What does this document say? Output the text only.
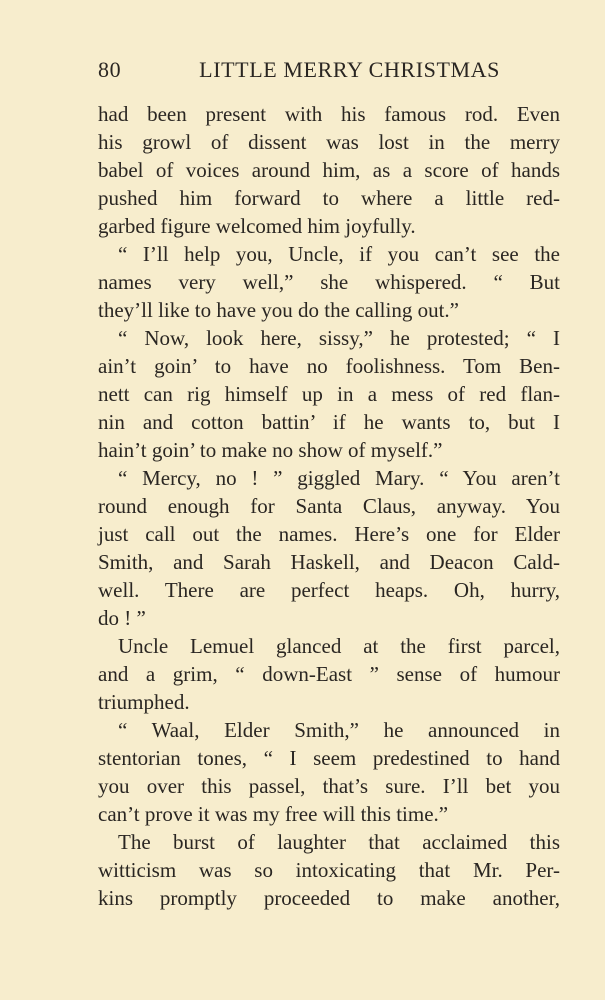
80	LITTLE MERRY CHRISTMAS
had been present with his famous rod. Even
his growl of dissent was lost in the merry
babel of voices around him, as a score of hands
pushed him forward to where a little red-
garbed figure welcomed him joyfully.
“ I’ll help you, Uncle, if you can’t see the
names very well,” she whispered. “ But
they’ll like to have you do the calling out.”
“ Now, look here, sissy,” he protested; “ I
ain’t goin’ to have no foolishness. Tom Ben-
nett can rig himself up in a mess of red flan-
nin and cotton battin’ if he wants to, but I
hain’t goin’ to make no show of myself.”
“ Mercy, no ! ” giggled Mary. “ You aren’t
round enough for Santa Claus, anyway. You
just call out the names. Here’s one for Elder
Smith, and Sarah Haskell, and Deacon Cald-
well. There are perfect heaps. Oh, hurry,
do ! ”
Uncle Lemuel glanced at the first parcel,
and a grim, “ down-East ” sense of humour
triumphed.
“ Waal, Elder Smith,” he announced in
stentorian tones, “ I seem predestined to hand
you over this passel, that’s sure. I’ll bet you
can’t prove it was my free will this time.”
The burst of laughter that acclaimed this
witticism was so intoxicating that Mr. Per-
kins promptly proceeded to make another,
